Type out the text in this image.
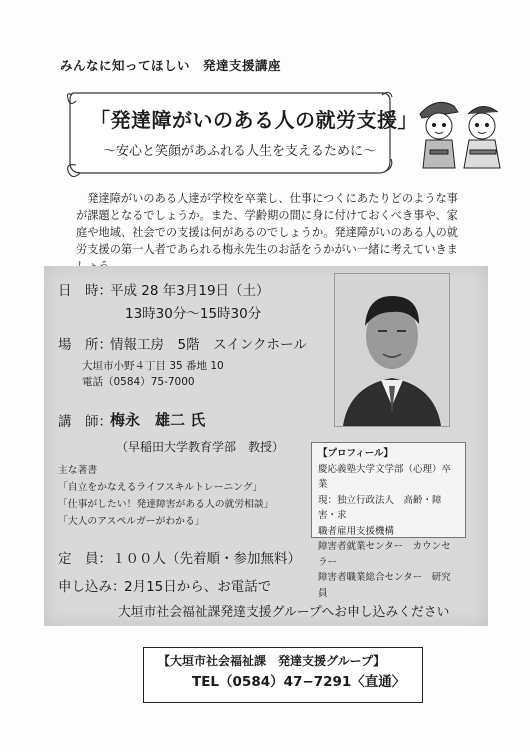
みんなに知ってほしい　発達支援講座
「発達障がいのある人の就労支援」
～安心と笑顔があふれる人生を支えるために～

発達障がいのある人達が学校を卒業し、仕事につくにあたりどのような事が課題となるでしょうか。また、学齢期の間に身に付けておくべき事や、家庭や地域、社会での支援は何があるのでしょうか。発達障がいのある人の就労支援の第一人者であられる梅永先生のお話をうかがい一緒に考えていきま

日　時：
平成 28 年3月19日（土）
13時30分～15時30分
場　所：
情報工房　5階　スインクホール
大垣市小野４丁目 35 番地 10
電話（0584）75-7000
講　師：
梅永　雄二 氏
（早稲田大学教育学部　教授）
主な著書
「自立をかなえるライフスキルトレーニング」
「仕事がしたい！発達障害がある人の就労相談」
「大人のアスペルガーがわかる」
【プロフィール】
慶応義塾大学文学部（心理）卒業
現：独立行政法人　高齢・障害・求
職者雇用支援機構
障害者就業センター　カウンセラー
障害者職業総合センター　研究員
定　員： １００人（先着順・参加無料）
申し込み：
2月15日から、お電話で
大垣市社会福祉課発達支援グループへお申し込みください
【大垣市社会福祉課　発達支援グループ】
TEL（0584）47−7291〈直通〉
